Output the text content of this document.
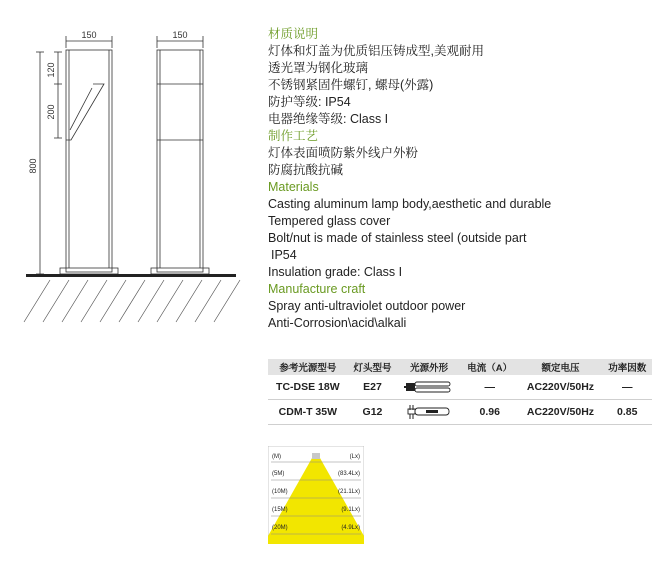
150	150
120
200
800
材质说明
灯体和灯盖为优质铝压铸成型,美观耐用
透光罩为钢化玻璃
不锈钢紧固件螺钉, 螺母(外露)
防护等级: IP54
电器绝缘等级: Class I
制作工艺
灯体表面喷防紫外线户外粉
防腐抗酸抗碱
Materials
Casting aluminum lamp body,aesthetic and durable
Tempered glass cover
Bolt/nut is made of stainless steel (outside part
IP54
Insulation grade: Class I
Manufacture craft
Spray anti-ultraviolet outdoor power
Anti-Corrosion\acid\alkali
参考光源型号	灯头型号	光源外形	电流（A）	额定电压	功率因数
TC-DSE 18W	E27		—	AC220V/50Hz	—
CDM-T 35W	G12		0.96	AC220V/50Hz	0.85
(M)	(Lx)
(5M)	(83.4Lx)
(10M)	(21.1Lx)
(15M)	(9.1Lx)
(20M)	(4.9Lx)
